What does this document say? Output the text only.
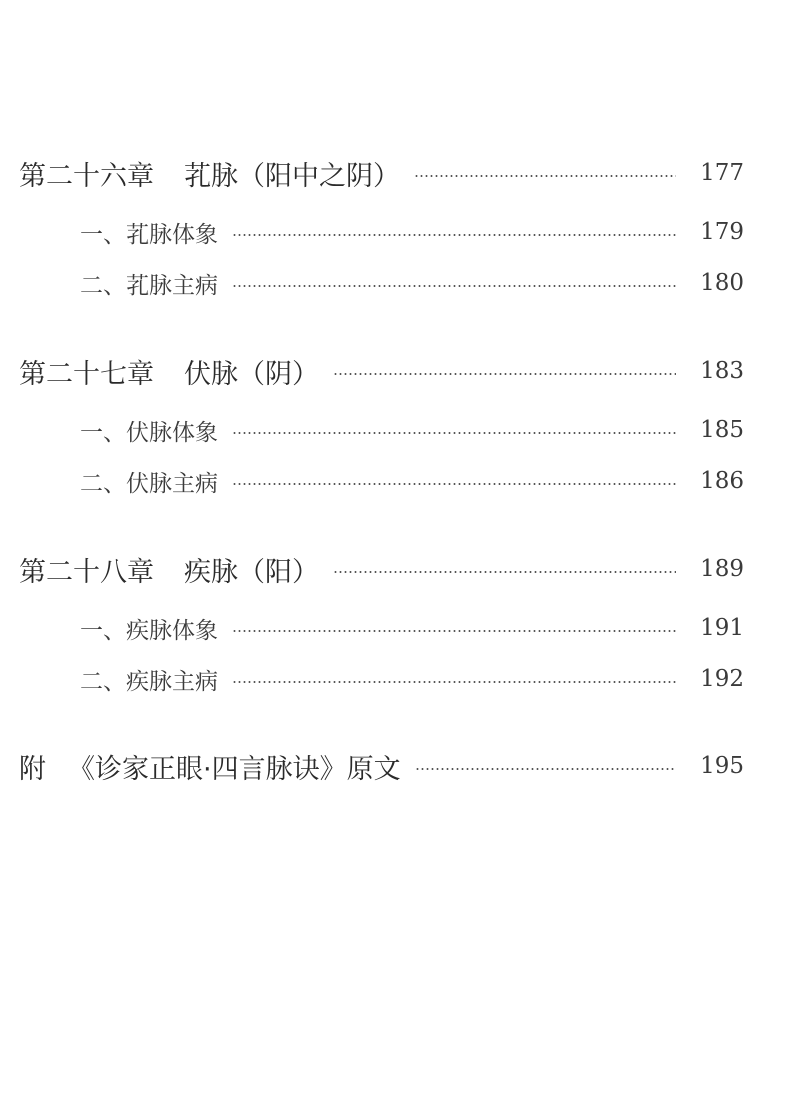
第二十六章 芤脉（阳中之阴）	177
一、芤脉体象	179
二、芤脉主病	180
第二十七章 伏脉（阴）	183
一、伏脉体象	185
二、伏脉主病	186
第二十八章 疾脉（阳）	189
一、疾脉体象	191
二、疾脉主病	192
附 《诊家正眼·四言脉诀》原文	195
